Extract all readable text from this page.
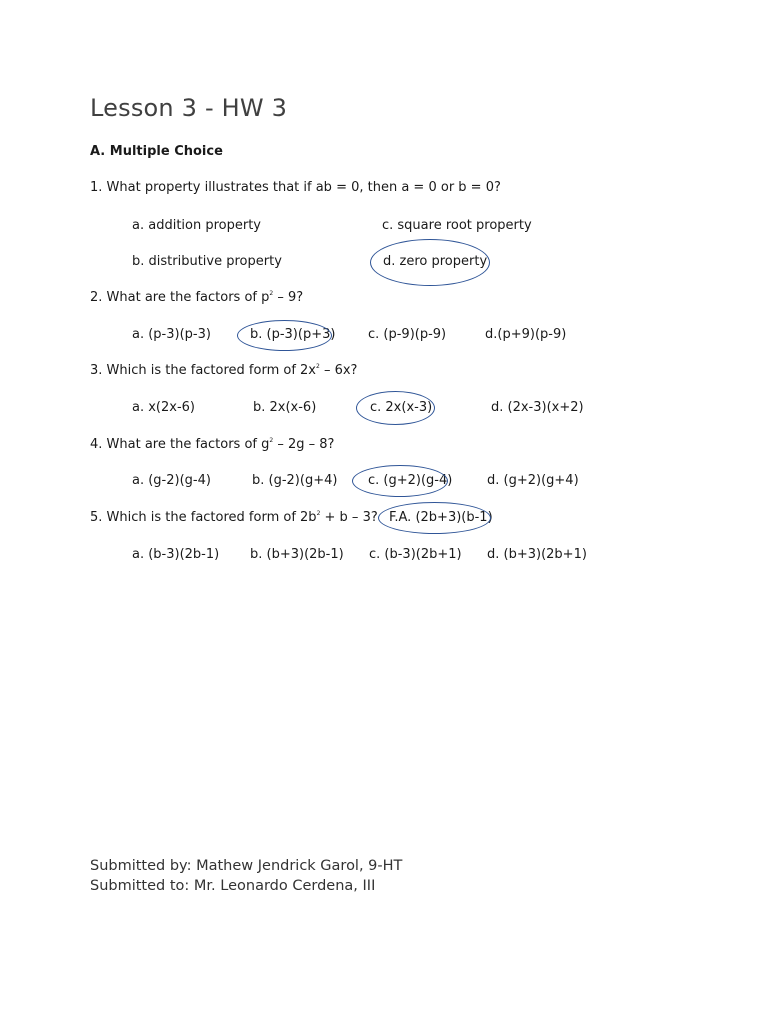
Lesson 3 - HW 3

A. Multiple Choice

1. What property illustrates that if ab = 0, then a = 0 or b = 0?
a. addition property	c. square root property
b. distributive property	d. zero property
2. What are the factors of $p^2 - 9$?
a. (p-3)(p-3)	b. (p-3)(p+3)	c. (p-9)(p-9)	d.(p+9)(p-9)
3. Which is the factored form of $2x^2 - 6x$?
a. x(2x-6)	b. 2x(x-6)	c. 2x(x-3)	d. (2x-3)(x+2)
4. What are the factors of $g^2 - 2g - 8$?
a. (g-2)(g-4)	b. (g-2)(g+4) c. (g+2)(g-4)	d. (g+2)(g+4)
5. Which is the factored form of $2b^2 + b - 3$? F.A. (2b+3)(b-1)
a. (b-3)(2b-1) b. (b+3)(2b-1) c. (b-3)(2b+1) d. (b+3)(2b+1)
Submitted by: Mathew Jendrick Garol, 9-HT
Submitted to: Mr. Leonardo Cerdena, III
